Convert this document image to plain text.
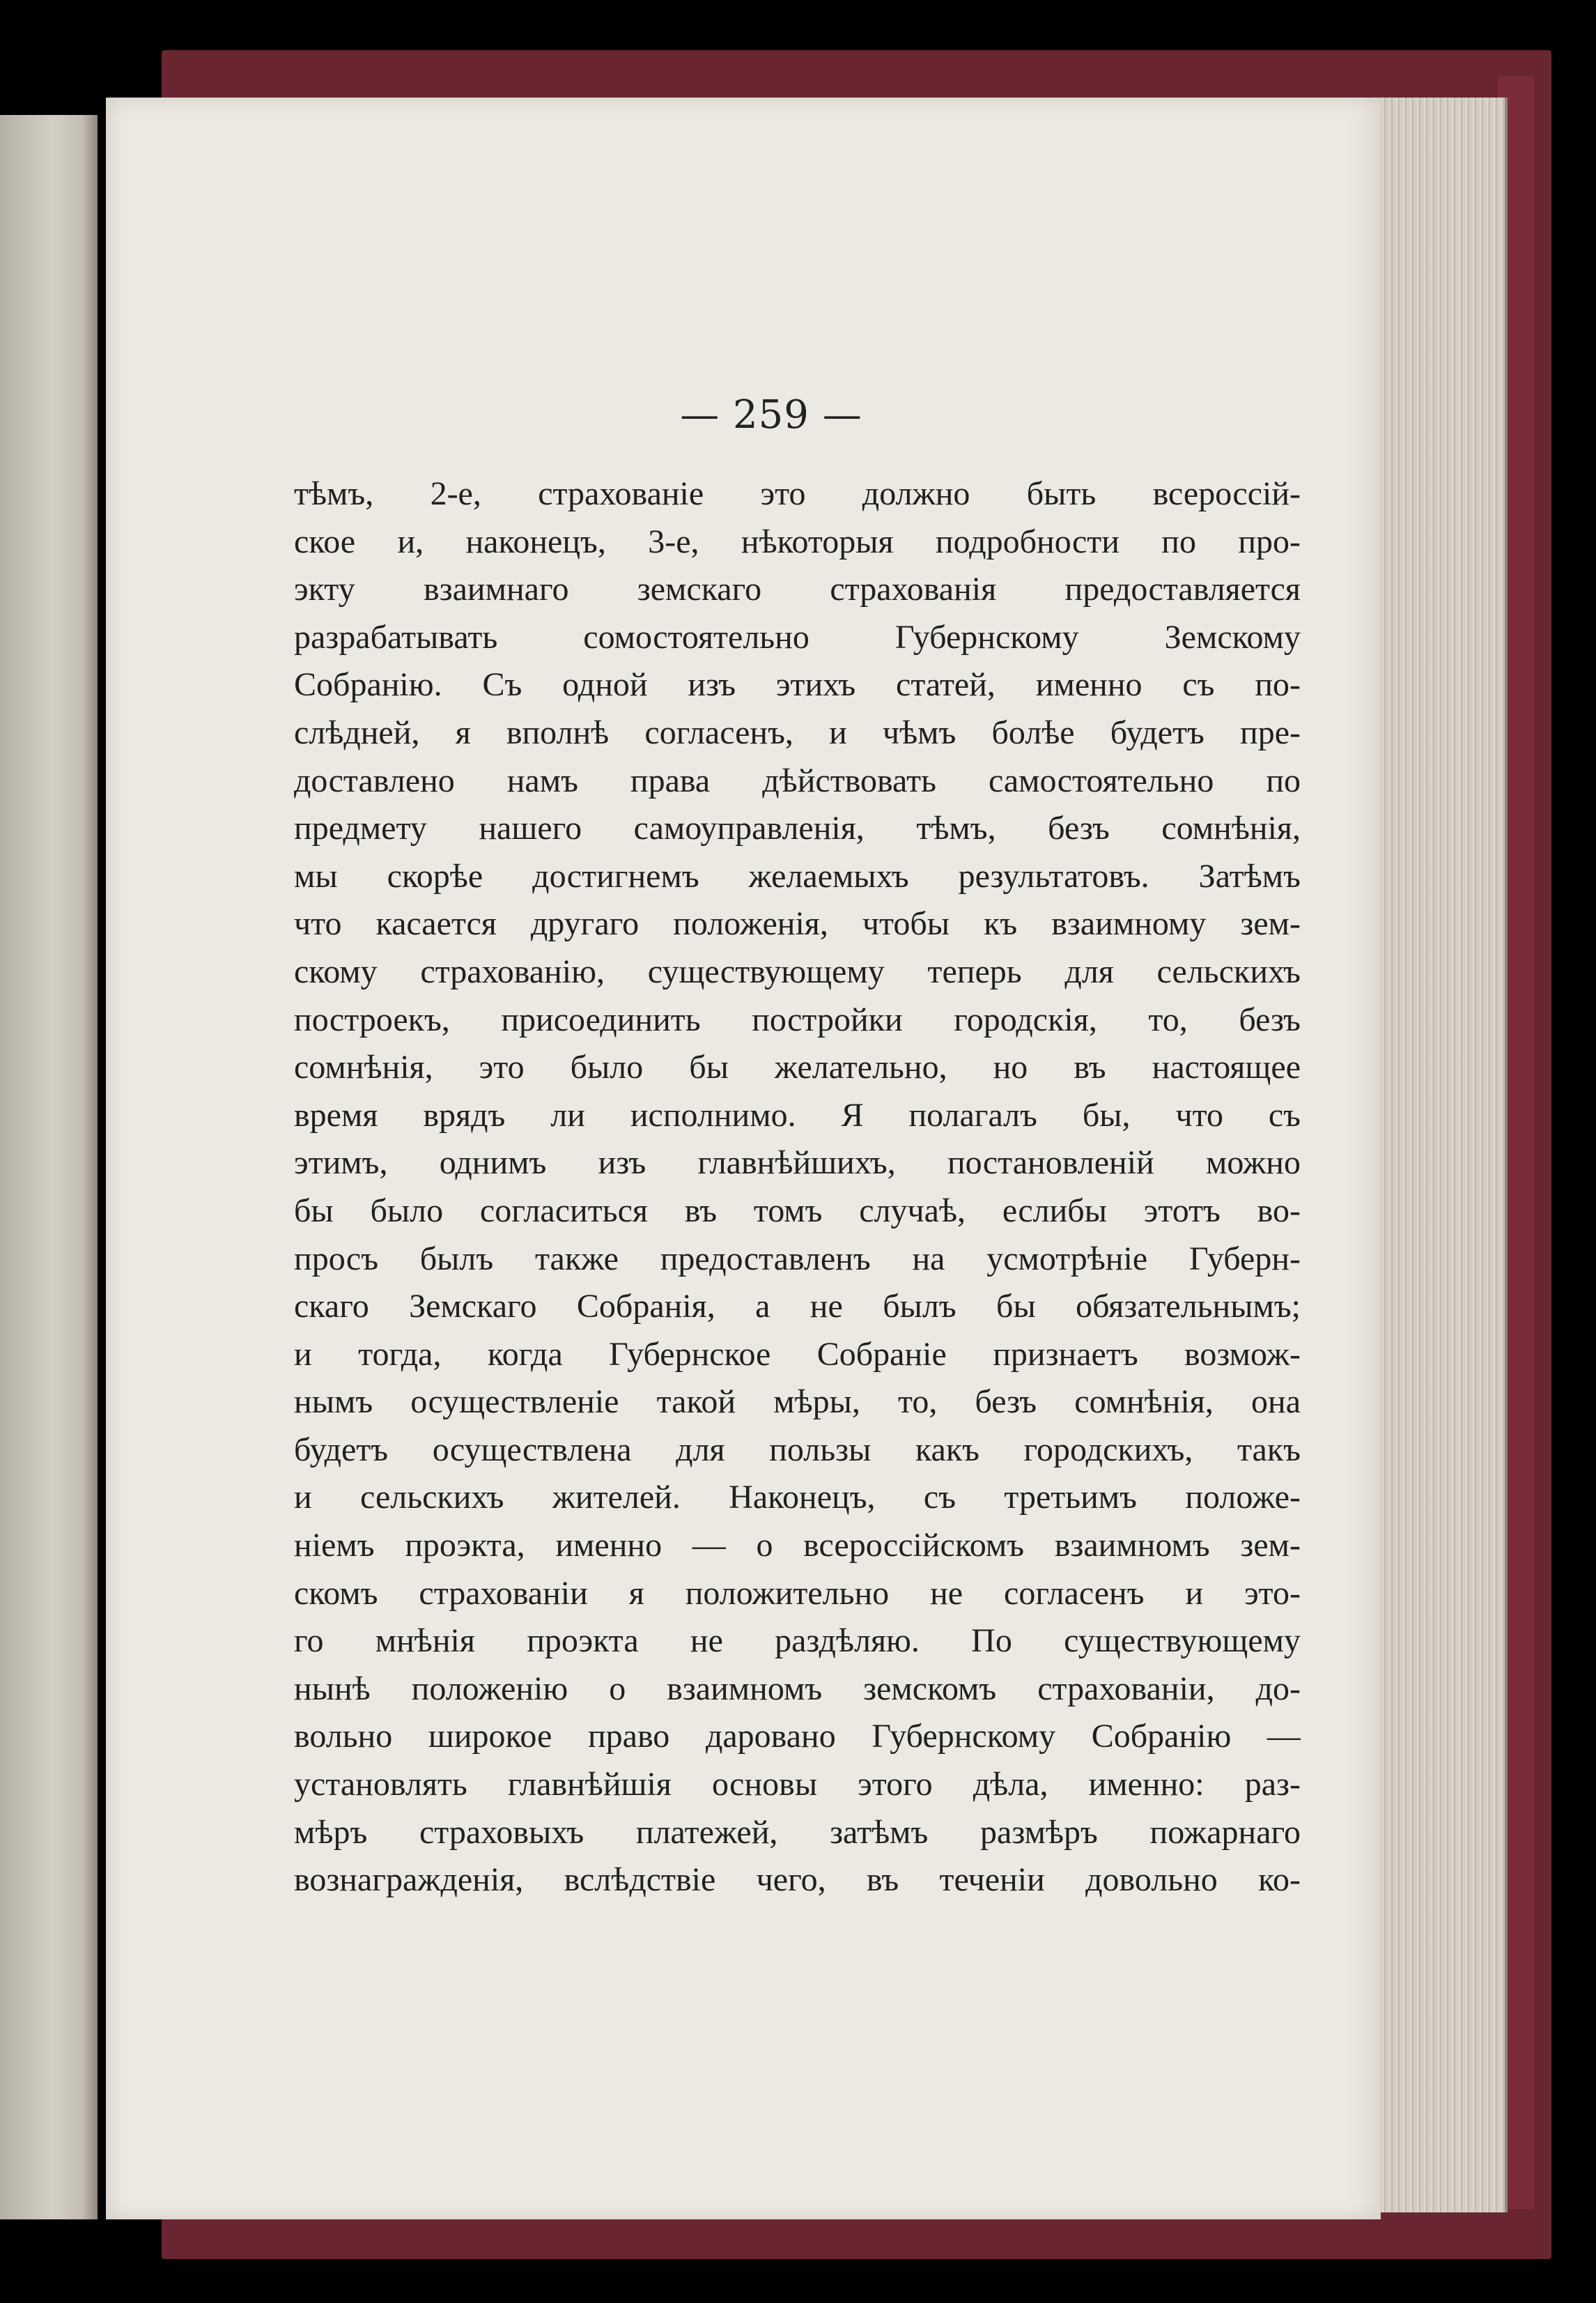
— 259 —
тѣмъ, 2-е, страхованіе это должно быть всероссій-
ское и, наконецъ, 3-е, нѣкоторыя подробности по про-
экту взаимнаго земскаго страхованія предоставляется
разрабатывать сомостоятельно Губернскому Земскому
Собранію. Съ одной изъ этихъ статей, именно съ по-
слѣдней, я вполнѣ согласенъ, и чѣмъ болѣе будетъ пре-
доставлено намъ права дѣйствовать самостоятельно по
предмету нашего самоуправленія, тѣмъ, безъ сомнѣнія,
мы скорѣе достигнемъ желаемыхъ результатовъ. Затѣмъ
что касается другаго положенія, чтобы къ взаимному зем-
скому страхованію, существующему теперь для сельскихъ
построекъ, присоединить постройки городскія, то, безъ
сомнѣнія, это было бы желательно, но въ настоящее
время врядъ ли исполнимо. Я полагалъ бы, что съ
этимъ, однимъ изъ главнѣйшихъ, постановленій можно
бы было согласиться въ томъ случаѣ, еслибы этотъ во-
просъ былъ также предоставленъ на усмотрѣніе Губерн-
скаго Земскаго Собранія, а не былъ бы обязательнымъ;
и тогда, когда Губернское Собраніе признаетъ возмож-
нымъ осуществленіе такой мѣры, то, безъ сомнѣнія, она
будетъ осуществлена для пользы какъ городскихъ, такъ
и сельскихъ жителей. Наконецъ, съ третьимъ положе-
ніемъ проэкта, именно — о всероссійскомъ взаимномъ зем-
скомъ страхованіи я положительно не согласенъ и это-
го мнѣнія проэкта не раздѣляю. По существующему
нынѣ положенію о взаимномъ земскомъ страхованіи, до-
вольно широкое право даровано Губернскому Собранію —
установлять главнѣйшія основы этого дѣла, именно: раз-
мѣръ страховыхъ платежей, затѣмъ размѣръ пожарнаго
вознагражденія, вслѣдствіе чего, въ теченіи довольно ко-
